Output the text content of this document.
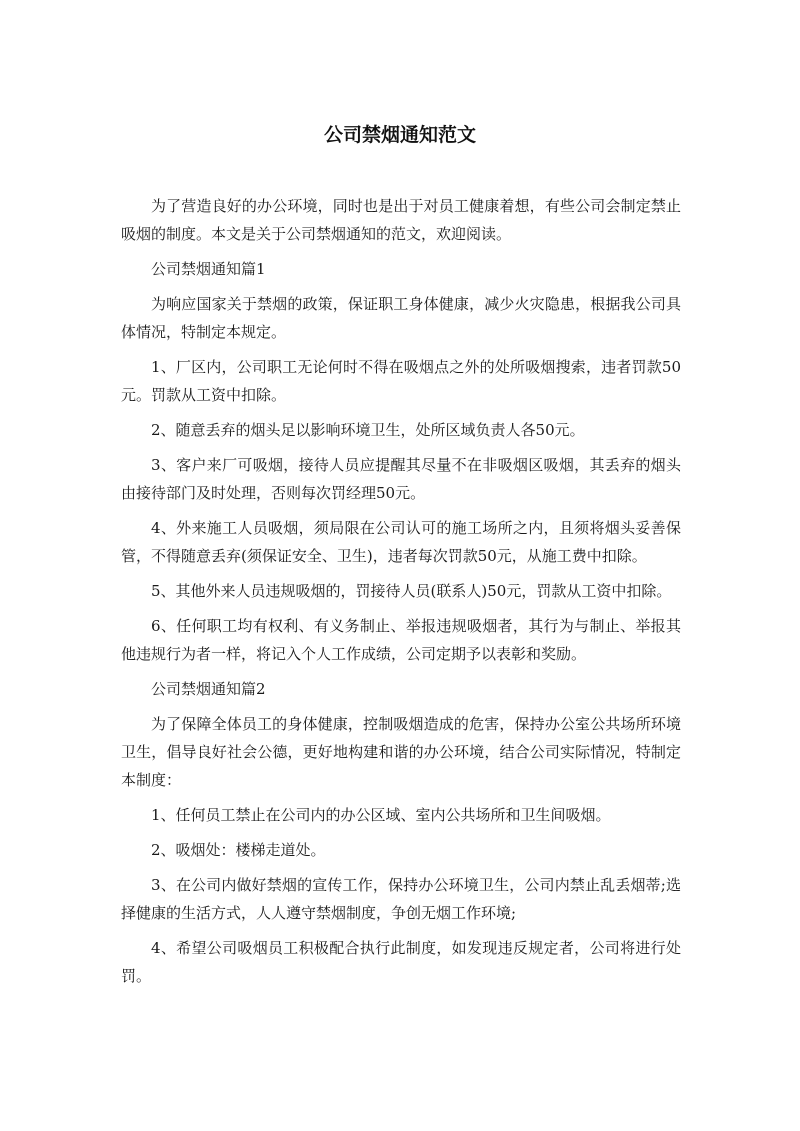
公司禁烟通知范文

为了营造良好的办公环境，同时也是出于对员工健康着想，有些公司会制定禁止吸烟的制度。本文是关于公司禁烟通知的范文，欢迎阅读。

公司禁烟通知篇1

为响应国家关于禁烟的政策，保证职工身体健康，减少火灾隐患，根据我公司具体情况，特制定本规定。

1、厂区内，公司职工无论何时不得在吸烟点之外的处所吸烟搜索，违者罚款50元。罚款从工资中扣除。

2、随意丢弃的烟头足以影响环境卫生，处所区域负责人各50元。

3、客户来厂可吸烟，接待人员应提醒其尽量不在非吸烟区吸烟，其丢弃的烟头由接待部门及时处理，否则每次罚经理50元。

4、外来施工人员吸烟，须局限在公司认可的施工场所之内，且须将烟头妥善保管，不得随意丢弃(须保证安全、卫生)，违者每次罚款50元，从施工费中扣除。

5、其他外来人员违规吸烟的，罚接待人员(联系人)50元，罚款从工资中扣除。

6、任何职工均有权利、有义务制止、举报违规吸烟者，其行为与制止、举报其他违规行为者一样，将记入个人工作成绩，公司定期予以表彰和奖励。

公司禁烟通知篇2

为了保障全体员工的身体健康，控制吸烟造成的危害，保持办公室公共场所环境卫生，倡导良好社会公德，更好地构建和谐的办公环境，结合公司实际情况，特制定本制度：

1、任何员工禁止在公司内的办公区域、室内公共场所和卫生间吸烟。

2、吸烟处：楼梯走道处。

3、在公司内做好禁烟的宣传工作，保持办公环境卫生，公司内禁止乱丢烟蒂;选择健康的生活方式，人人遵守禁烟制度，争创无烟工作环境;

4、希望公司吸烟员工积极配合执行此制度，如发现违反规定者，公司将进行处罚。
